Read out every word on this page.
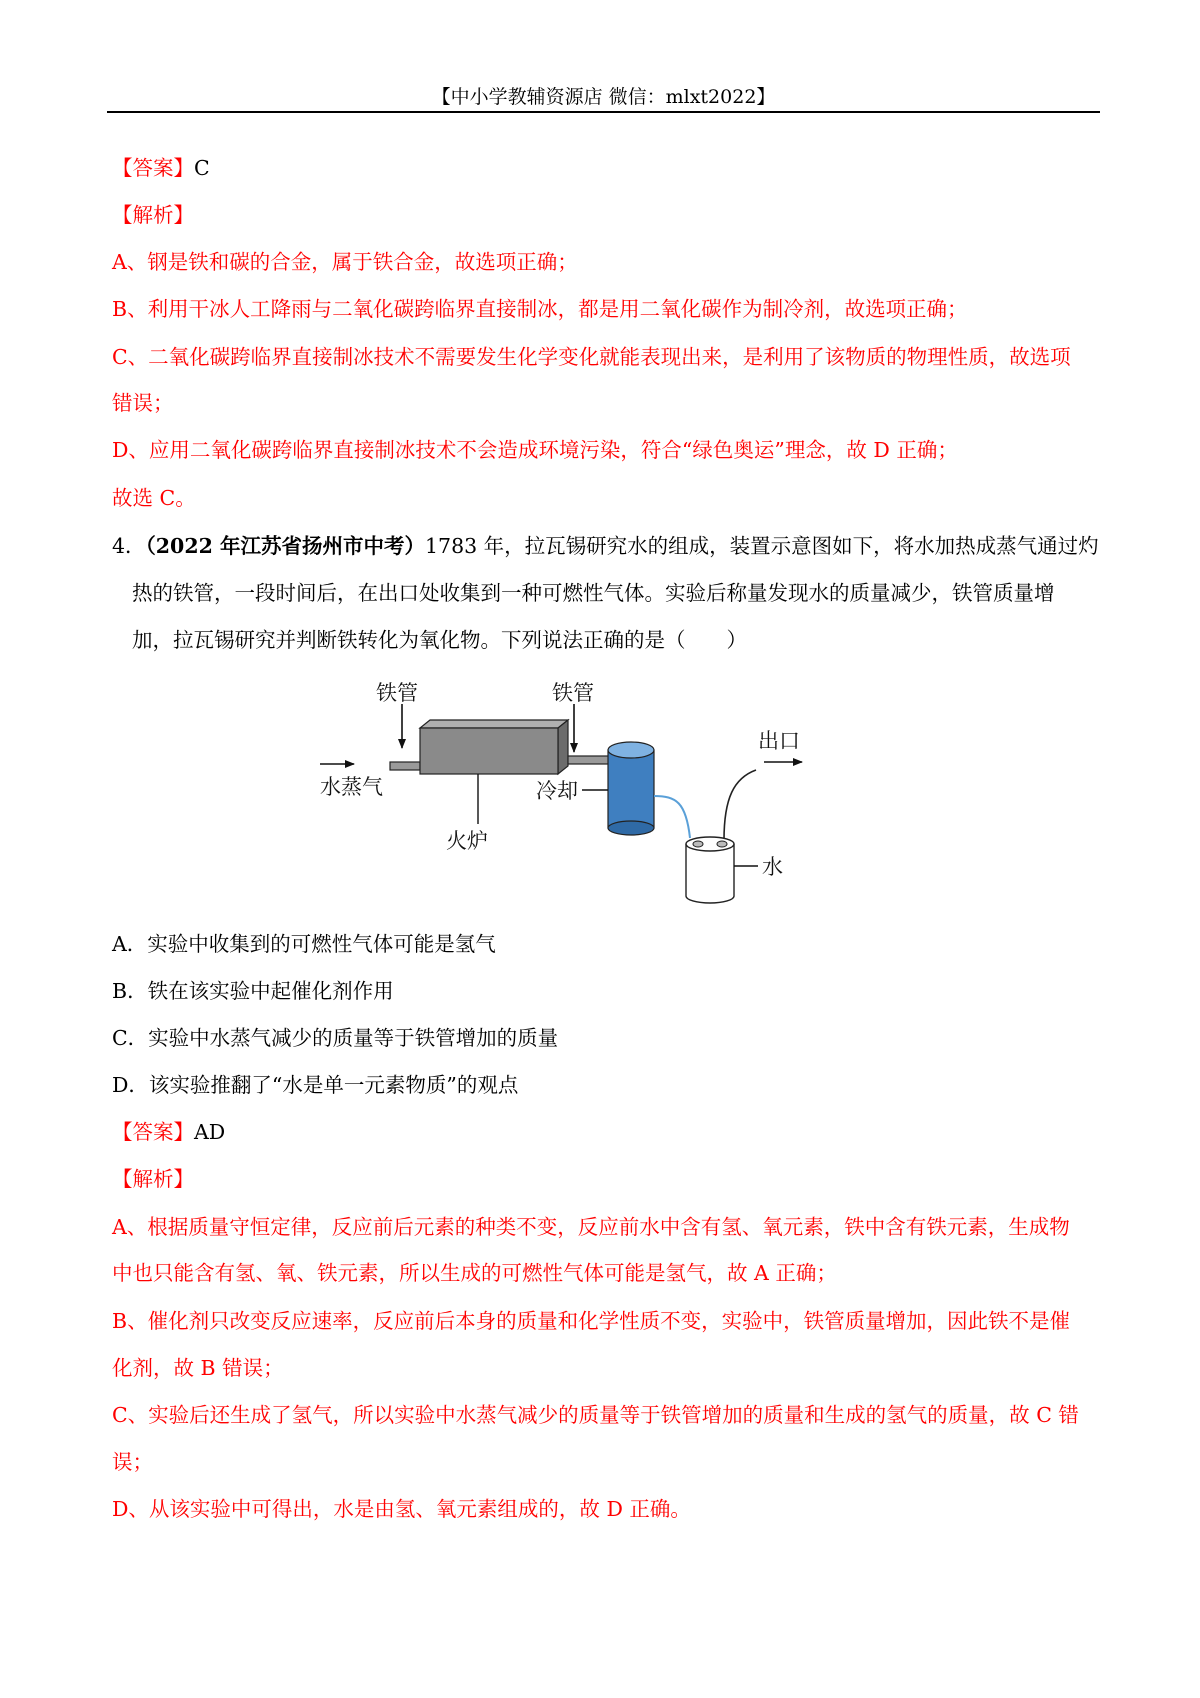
【中小学教辅资源店 微信：mlxt2022】
【答案】C
【解析】
A、钢是铁和碳的合金，属于铁合金，故选项正确；
B、利用干冰人工降雨与二氧化碳跨临界直接制冰，都是用二氧化碳作为制冷剂，故选项正确；
C、二氧化碳跨临界直接制冰技术不需要发生化学变化就能表现出来，是利用了该物质的物理性质，故选项
错误；
D、应用二氧化碳跨临界直接制冰技术不会造成环境污染，符合“绿色奥运”理念，故 D 正确；
故选 C。
4．（2022 年江苏省扬州市中考）1783 年，拉瓦锡研究水的组成，装置示意图如下，将水加热成蒸气通过灼
热的铁管，一段时间后，在出口处收集到一种可燃性气体。实验后称量发现水的质量减少，铁管质量增
加，拉瓦锡研究并判断铁转化为氧化物。下列说法正确的是（　　）
铁管	铁管
水蒸气
火炉
冷却
出口
水
A．实验中收集到的可燃性气体可能是氢气
B．铁在该实验中起催化剂作用
C．实验中水蒸气减少的质量等于铁管增加的质量
D．该实验推翻了“水是单一元素物质”的观点
【答案】AD
【解析】
A、根据质量守恒定律，反应前后元素的种类不变，反应前水中含有氢、氧元素，铁中含有铁元素，生成物
中也只能含有氢、氧、铁元素，所以生成的可燃性气体可能是氢气，故 A 正确；
B、催化剂只改变反应速率，反应前后本身的质量和化学性质不变，实验中，铁管质量增加，因此铁不是催
化剂，故 B 错误；
C、实验后还生成了氢气，所以实验中水蒸气减少的质量等于铁管增加的质量和生成的氢气的质量，故 C 错
误；
D、从该实验中可得出，水是由氢、氧元素组成的，故 D 正确。
